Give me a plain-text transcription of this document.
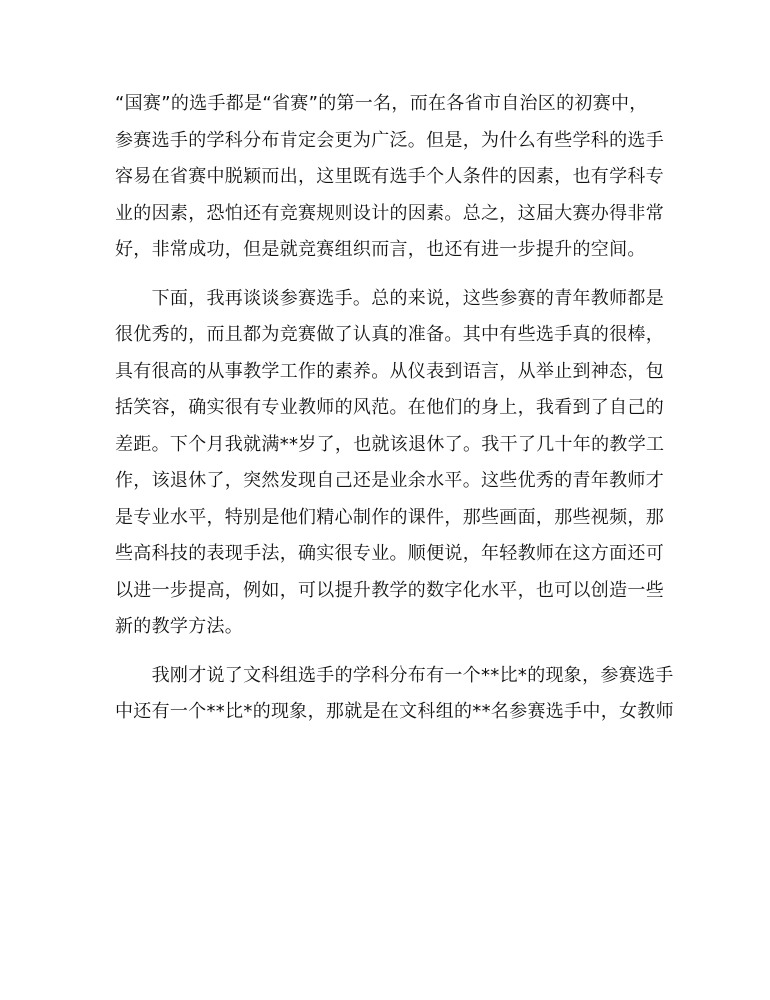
“国赛”的选手都是“省赛”的第一名，而在各省市自治区的初赛中，
参赛选手的学科分布肯定会更为广泛。但是，为什么有些学科的选手
容易在省赛中脱颖而出，这里既有选手个人条件的因素，也有学科专
业的因素，恐怕还有竞赛规则设计的因素。总之，这届大赛办得非常
好，非常成功，但是就竞赛组织而言，也还有进一步提升的空间。

　　下面，我再谈谈参赛选手。总的来说，这些参赛的青年教师都是
很优秀的，而且都为竞赛做了认真的准备。其中有些选手真的很棒，
具有很高的从事教学工作的素养。从仪表到语言，从举止到神态，包
括笑容，确实很有专业教师的风范。在他们的身上，我看到了自己的
差距。下个月我就满**岁了，也就该退休了。我干了几十年的教学工
作，该退休了，突然发现自己还是业余水平。这些优秀的青年教师才
是专业水平，特别是他们精心制作的课件，那些画面，那些视频，那
些高科技的表现手法，确实很专业。顺便说，年轻教师在这方面还可
以进一步提高，例如，可以提升教学的数字化水平，也可以创造一些
新的教学方法。

　　我刚才说了文科组选手的学科分布有一个**比*的现象，参赛选手
中还有一个**比*的现象，那就是在文科组的**名参赛选手中，女教师
